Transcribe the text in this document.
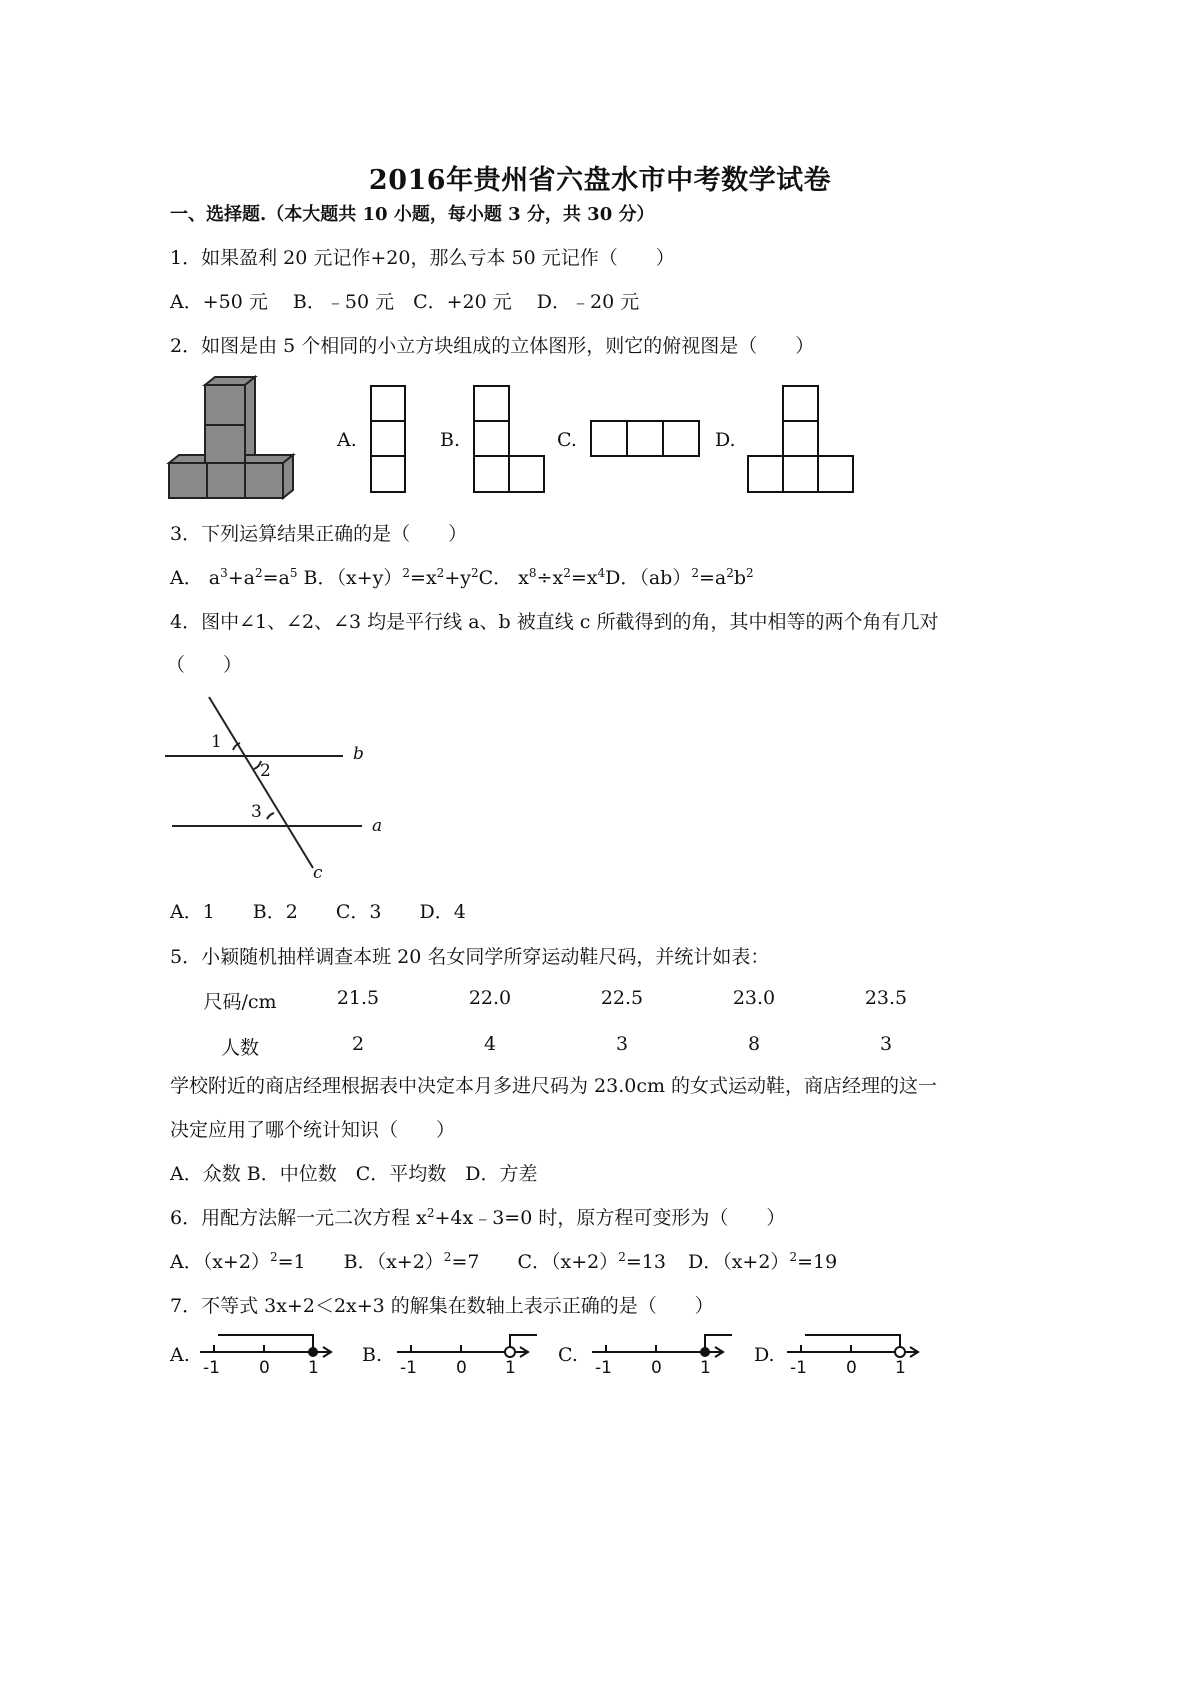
2016年贵州省六盘水市中考数学试卷
一、选择题.（本大题共 10 小题，每小题 3 分，共 30 分）
1．如果盈利 20 元记作+20，那么亏本 50 元记作（　　）
A．+50 元　 B．﹣50 元　C．+20 元　 D．﹣20 元
2．如图是由 5 个相同的小立方块组成的立体图形，则它的俯视图是（　　）
A.	B.	C.	D.
3．下列运算结果正确的是（　　）
A． $a^3+a^2=a^5$ B．$(x+y)^2=x^2+y^2C$． $x^8\div x^2=x^4D$．$(ab)^2=a^2b^2$
4．图中∠1、∠2、∠3 均是平行线 a、b 被直线 c 所截得到的角，其中相等的两个角有几对
（　　）
1
2
3
b
a
c
A．1　　B．2　　C．3　　D．4
5．小颖随机抽样调查本班 20 名女同学所穿运动鞋尺码，并统计如表：
尺码/cm	21.5	22.0	22.5	23.0	23.5
人数	2	4	3	8	3
学校附近的商店经理根据表中决定本月多进尺码为 23.0cm 的女式运动鞋，商店经理的这一
决定应用了哪个统计知识（　　）
A．众数 B．中位数　C．平均数　D．方差
6．用配方法解一元二次方程 $x^2+4x﹣3=0$ 时，原方程可变形为（　　）
A．$(x+2)^2=1$ B．$(x+2)^2=7$ C．$(x+2)^2=13$ D．$(x+2)^2=19$
7．不等式 3x+2＜2x+3 的解集在数轴上表示正确的是（　　）
A.
-1 0 1
B.
-1 0 1
C.
-1 0 1
D.
-1 0 1
